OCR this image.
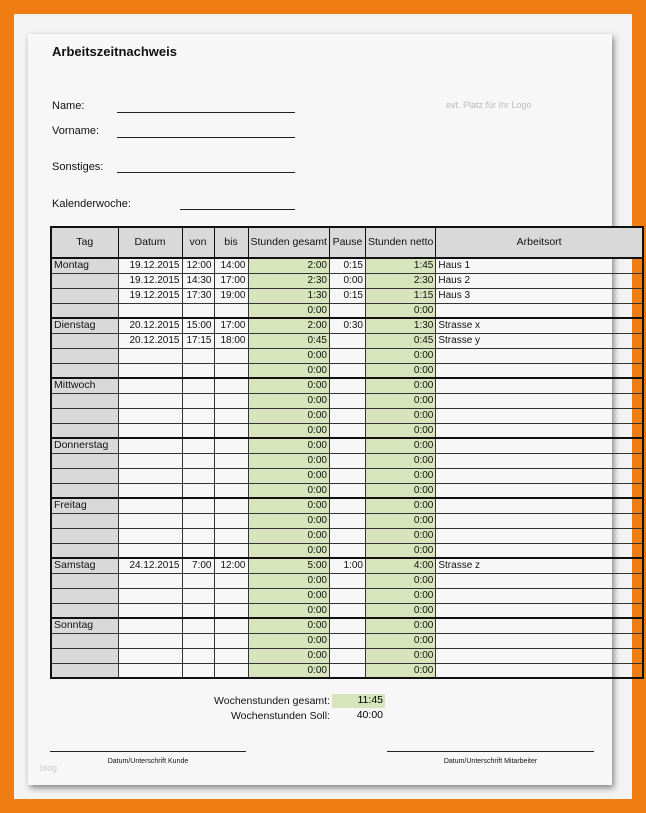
Arbeitszeitnachweis
Name:
Vorname:
Sonstiges:
Kalenderwoche:
evt. Platz für Ihr Logo
Tag	Datum	von	bis	Stunden gesamt	Pause	Stunden netto	Arbeitsort
Montag	19.12.2015	12:00	14:00	2:00	0:15	1:45	Haus 1
	19.12.2015	14:30	17:00	2:30	0:00	2:30	Haus 2
	19.12.2015	17:30	19:00	1:30	0:15	1:15	Haus 3
				0:00		0:00	
Dienstag	20.12.2015	15:00	17:00	2:00	0:30	1:30	Strasse x
	20.12.2015	17:15	18:00	0:45		0:45	Strasse y
				0:00		0:00	
				0:00		0:00	
Mittwoch				0:00		0:00	
				0:00		0:00	
				0:00		0:00	
				0:00		0:00	
Donnerstag				0:00		0:00	
				0:00		0:00	
				0:00		0:00	
				0:00		0:00	
Freitag				0:00		0:00	
				0:00		0:00	
				0:00		0:00	
				0:00		0:00	
Samstag	24.12.2015	7:00	12:00	5:00	1:00	4:00	Strasse z
				0:00		0:00	
				0:00		0:00	
				0:00		0:00	
Sonntag				0:00		0:00	
				0:00		0:00	
				0:00		0:00	
				0:00		0:00	
Wochenstunden gesamt:	11:45
Wochenstunden Soll:	40:00
Datum/Unterschrift Kunde	Datum/Unterschrift Mitarbeiter
blog
